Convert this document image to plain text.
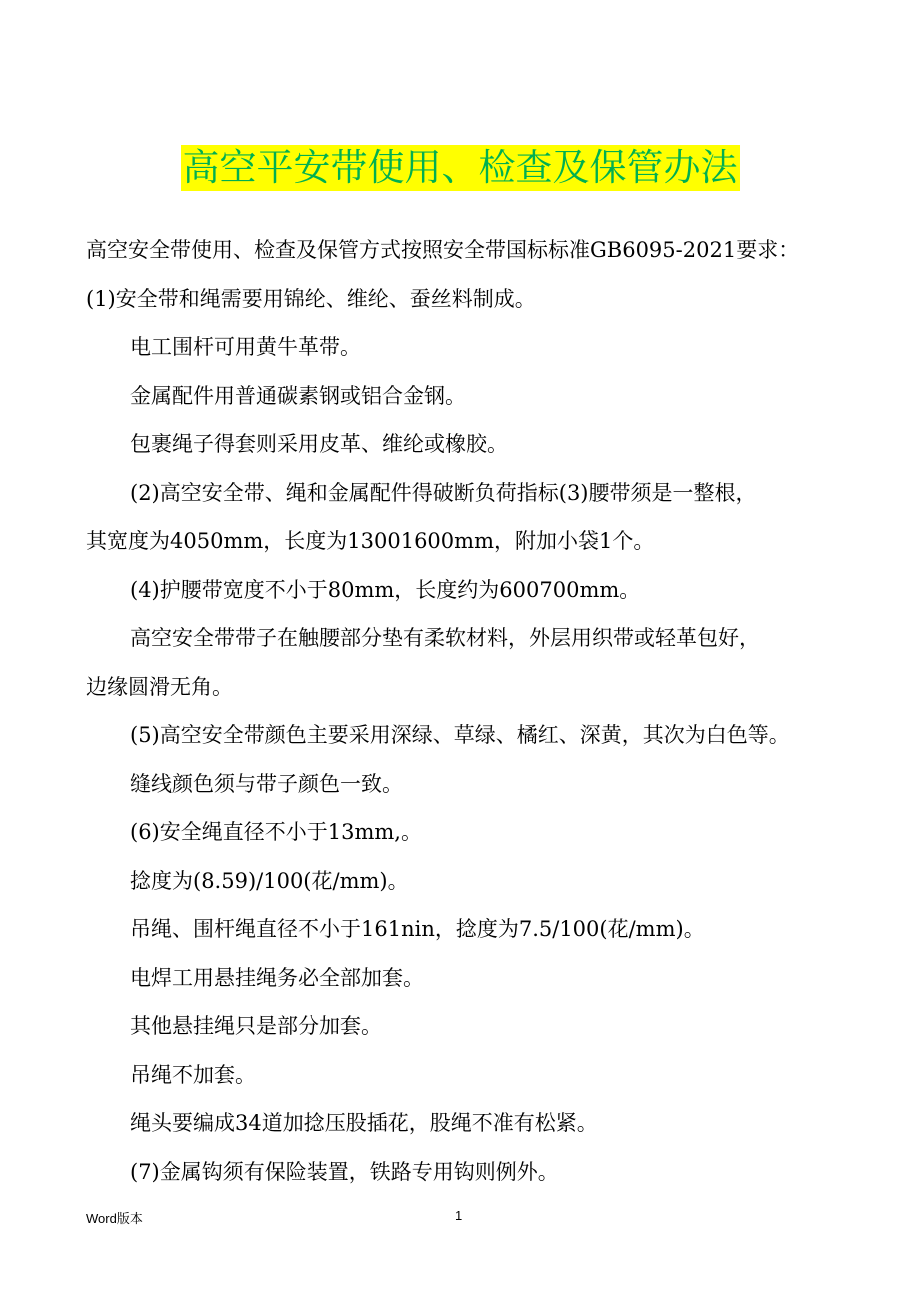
高空平安带使用、检查及保管办法

高空安全带使用、检查及保管方式按照安全带国标标准GB6095-2021要求：

(1)安全带和绳需要用锦纶、维纶、蚕丝料制成。

电工围杆可用黄牛革带。

金属配件用普通碳素钢或铝合金钢。

包裹绳子得套则采用皮革、维纶或橡胶。

(2)高空安全带、绳和金属配件得破断负荷指标(3)腰带须是一整根，

其宽度为4050mm，长度为13001600mm，附加小袋1个。

(4)护腰带宽度不小于80mm，长度约为600700mm。

高空安全带带子在触腰部分垫有柔软材料，外层用织带或轻革包好，

边缘圆滑无角。

(5)高空安全带颜色主要采用深绿、草绿、橘红、深黄，其次为白色等。

缝线颜色须与带子颜色一致。

(6)安全绳直径不小于13mm,。

捻度为(8.59)/100(花/mm)。

吊绳、围杆绳直径不小于161nin，捻度为7.5/100(花/mm)。

电焊工用悬挂绳务必全部加套。

其他悬挂绳只是部分加套。

吊绳不加套。

绳头要编成34道加捻压股插花，股绳不准有松紧。

(7)金属钩须有保险装置，铁路专用钩则例外。

Word版本	1
